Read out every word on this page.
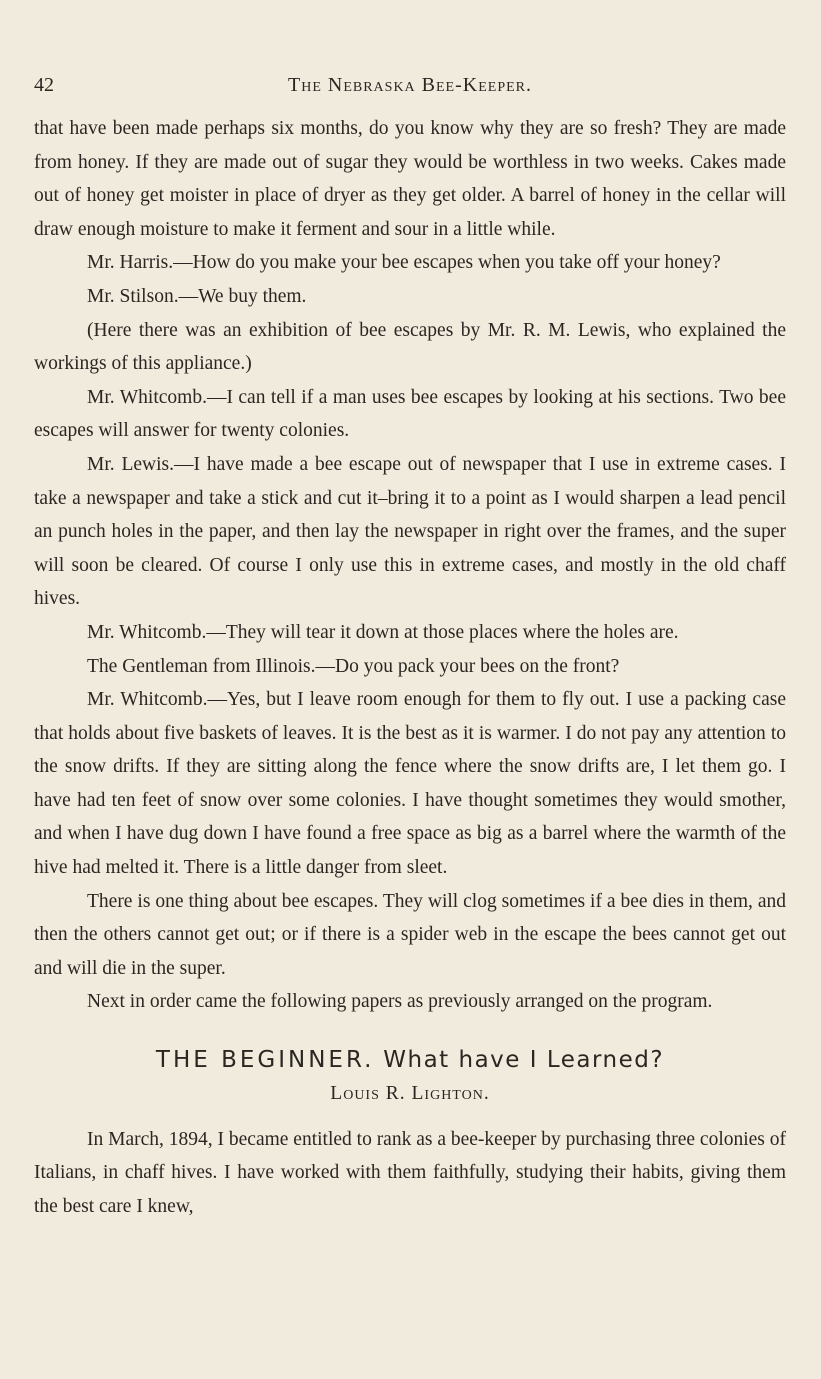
42	The Nebraska Bee-Keeper.

that have been made perhaps six months, do you know why they are so fresh? They are made from honey. If they are made out of sugar they would be worthless in two weeks. Cakes made out of honey get moister in place of dryer as they get older. A barrel of honey in the cellar will draw enough moisture to make it ferment and sour in a little while.

Mr. Harris.—How do you make your bee escapes when you take off your honey?

Mr. Stilson.—We buy them.

(Here there was an exhibition of bee escapes by Mr. R. M. Lewis, who explained the workings of this appliance.)

Mr. Whitcomb.—I can tell if a man uses bee escapes by looking at his sections. Two bee escapes will answer for twenty colonies.

Mr. Lewis.—I have made a bee escape out of newspaper that I use in extreme cases. I take a newspaper and take a stick and cut it–bring it to a point as I would sharpen a lead pencil an punch holes in the paper, and then lay the newspaper in right over the frames, and the super will soon be cleared. Of course I only use this in extreme cases, and mostly in the old chaff hives.

Mr. Whitcomb.—They will tear it down at those places where the holes are.

The Gentleman from Illinois.—Do you pack your bees on the front?

Mr. Whitcomb.—Yes, but I leave room enough for them to fly out. I use a packing case that holds about five baskets of leaves. It is the best as it is warmer. I do not pay any attention to the snow drifts. If they are sitting along the fence where the snow drifts are, I let them go. I have had ten feet of snow over some colonies. I have thought sometimes they would smother, and when I have dug down I have found a free space as big as a barrel where the warmth of the hive had melted it. There is a little danger from sleet.

There is one thing about bee escapes. They will clog sometimes if a bee dies in them, and then the others cannot get out; or if there is a spider web in the escape the bees cannot get out and will die in the super.

Next in order came the following papers as previously arranged on the program.

THE BEGINNER. What have I Learned?

Louis R. Lighton.

In March, 1894, I became entitled to rank as a bee-keeper by purchasing three colonies of Italians, in chaff hives. I have worked with them faithfully, studying their habits, giving them the best care I knew,
